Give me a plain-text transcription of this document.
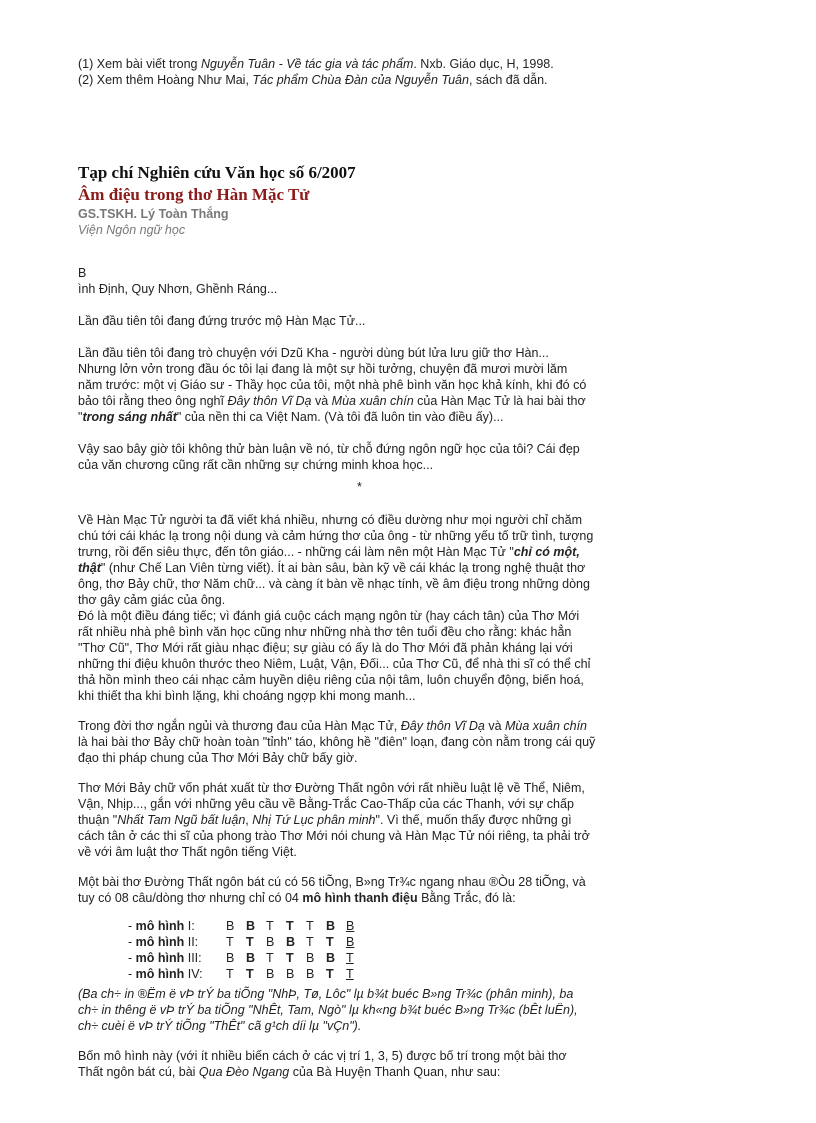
(1) Xem bài viết trong Nguyễn Tuân - Về tác gia và tác phẩm. Nxb. Giáo dục, H, 1998.

(2) Xem thêm Hoàng Như Mai, Tác phẩm Chùa Đàn của Nguyễn Tuân, sách đã dẫn.

Tạp chí Nghiên cứu Văn học số 6/2007

Âm điệu trong thơ Hàn Mặc Tử

GS.TSKH. Lý Toàn Thắng

Viện Ngôn ngữ học

B

ình Định, Quy Nhơn, Ghềnh Ráng...

Lần đầu tiên tôi đang đứng trước mộ Hàn Mạc Tử...

Lần đầu tiên tôi đang trò chuyện với Dzũ Kha - người dùng bút lửa lưu giữ thơ Hàn...

Nhưng lởn vởn trong đầu óc tôi lại đang là một sự hồi tưởng, chuyện đã mươi mười lăm

năm trước: một vị Giáo sư - Thầy học của tôi, một nhà phê bình văn học khả kính, khi đó có

bảo tôi rằng theo ông nghĩ Đây thôn Vĩ Dạ và Mùa xuân chín của Hàn Mạc Tử là hai bài thơ

"trong sáng nhất" của nền thi ca Việt Nam. (Và tôi đã luôn tin vào điều ấy)...

Vậy sao bây giờ tôi không thử bàn luận về nó, từ chỗ đứng ngôn ngữ học của tôi? Cái đẹp

của văn chương cũng rất cần những sự chứng minh khoa học...

*

Về Hàn Mạc Tử người ta đã viết khá nhiều, nhưng có điều dường như mọi người chỉ chăm

chú tới cái khác lạ trong nội dung và cảm hứng thơ của ông - từ những yếu tố trữ tình, tượng

trưng, rồi đến siêu thực, đến tôn giáo... - những cái làm nên một Hàn Mạc Tử "chỉ có một,

thật" (như Chế Lan Viên từng viết). Ít ai bàn sâu, bàn kỹ về cái khác lạ trong nghệ thuật thơ

ông, thơ Bảy chữ, thơ Năm chữ... và càng ít bàn về nhạc tính, về âm điệu trong những dòng

thơ gây cảm giác của ông.

Đó là một điều đáng tiếc; vì đánh giá cuộc cách mạng ngôn từ (hay cách tân) của Thơ Mới

rất nhiều nhà phê bình văn học cũng như những nhà thơ tên tuổi đều cho rằng: khác hẳn

"Thơ Cũ", Thơ Mới rất giàu nhạc điệu; sự giàu có ấy là do Thơ Mới đã phản kháng lại với

những thi điệu khuôn thước theo Niêm, Luật, Vận, Đối... của Thơ Cũ, để nhà thi sĩ có thể chỉ

thả hồn mình theo cái nhạc cảm huyền diệu riêng của nội tâm, luôn chuyển động, biến hoá,

khi thiết tha khi bình lặng, khi choáng ngợp khi mong manh...

Trong đời thơ ngắn ngủi và thương đau của Hàn Mạc Tử, Đây thôn Vĩ Dạ và Mùa xuân chín

là hai bài thơ Bảy chữ hoàn toàn "tỉnh" táo, không hề "điên" loạn, đang còn nằm trong cái quỹ

đạo thi pháp chung của Thơ Mới Bảy chữ bấy giờ.

Thơ Mới Bảy chữ vốn phát xuất từ thơ Đường Thất ngôn với rất nhiều luật lệ về Thể, Niêm,

Vận, Nhịp..., gắn với những yêu cầu về Bằng-Trắc Cao-Thấp của các Thanh, với sự chấp

thuận "Nhất Tam Ngũ bất luận, Nhị Tứ Lục phân minh". Vì thế, muốn thấy được những gì

cách tân ở các thi sĩ của phong trào Thơ Mới nói chung và Hàn Mạc Tử nói riêng, ta phải trở

về với âm luật thơ Thất ngôn tiếng Việt.

Một bài thơ Đường Thất ngôn bát cú có 56 tiÕng, B»ng Tr¾c ngang nhau ®Òu 28 tiÕng, và

tuy có 08 câu/dòng thơ nhưng chỉ có 04 mô hình thanh điệu Bằng Trắc, đó là:

- mô hình I:	B B T T T B B
- mô hình II:	T T B B T T B
- mô hình III:	B B T T B B T
- mô hình IV:	T T B B B T T

(Ba ch÷ in ®Ëm ë vÞ trÝ ba tiÕng "NhÞ, Tø, Lôc" lµ b¾t buéc B»ng Tr¾c (phân minh), ba

ch÷ in thêng ë vÞ trÝ ba tiÕng "NhÊt, Tam, Ngò" lµ kh«ng b¾t buéc B»ng Tr¾c (bÊt luËn),

ch÷ cuèi ë vÞ trÝ tiÕng "ThÊt" cã g¹ch díi lµ "vÇn").

Bốn mô hình này (với ít nhiều biến cách ở các vị trí 1, 3, 5) được bố trí trong một bài thơ

Thất ngôn bát cú, bài Qua Đèo Ngang của Bà Huyện Thanh Quan, như sau:
